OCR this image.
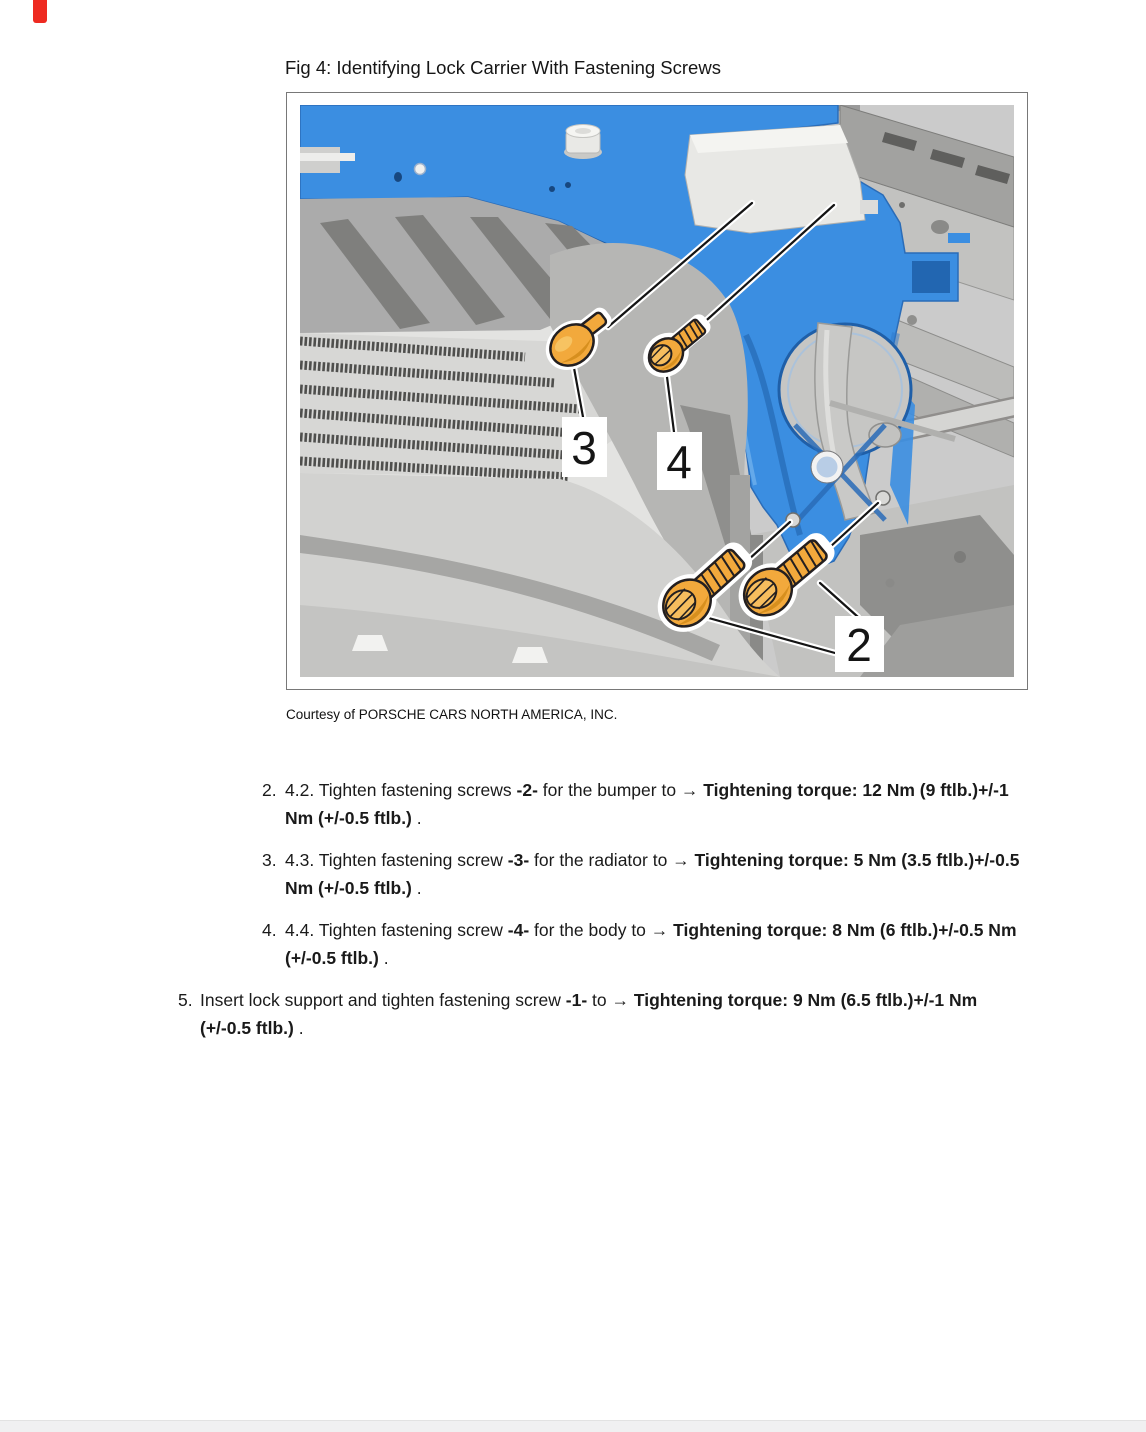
Fig 4: Identifying Lock Carrier With Fastening Screws
3 4
2
Courtesy of PORSCHE CARS NORTH AMERICA, INC.
2. 4.2. Tighten fastening screws -2- for the bumper to → Tightening torque: 12 Nm (9 ftlb.)+/-1 Nm (+/-0.5 ftlb.) .
3. 4.3. Tighten fastening screw -3- for the radiator to → Tightening torque: 5 Nm (3.5 ftlb.)+/-0.5 Nm (+/-0.5 ftlb.) .
4. 4.4. Tighten fastening screw -4- for the body to → Tightening torque: 8 Nm (6 ftlb.)+/-0.5 Nm (+/-0.5 ftlb.) .
5. Insert lock support and tighten fastening screw -1- to → Tightening torque: 9 Nm (6.5 ftlb.)+/-1 Nm (+/-0.5 ftlb.) .
